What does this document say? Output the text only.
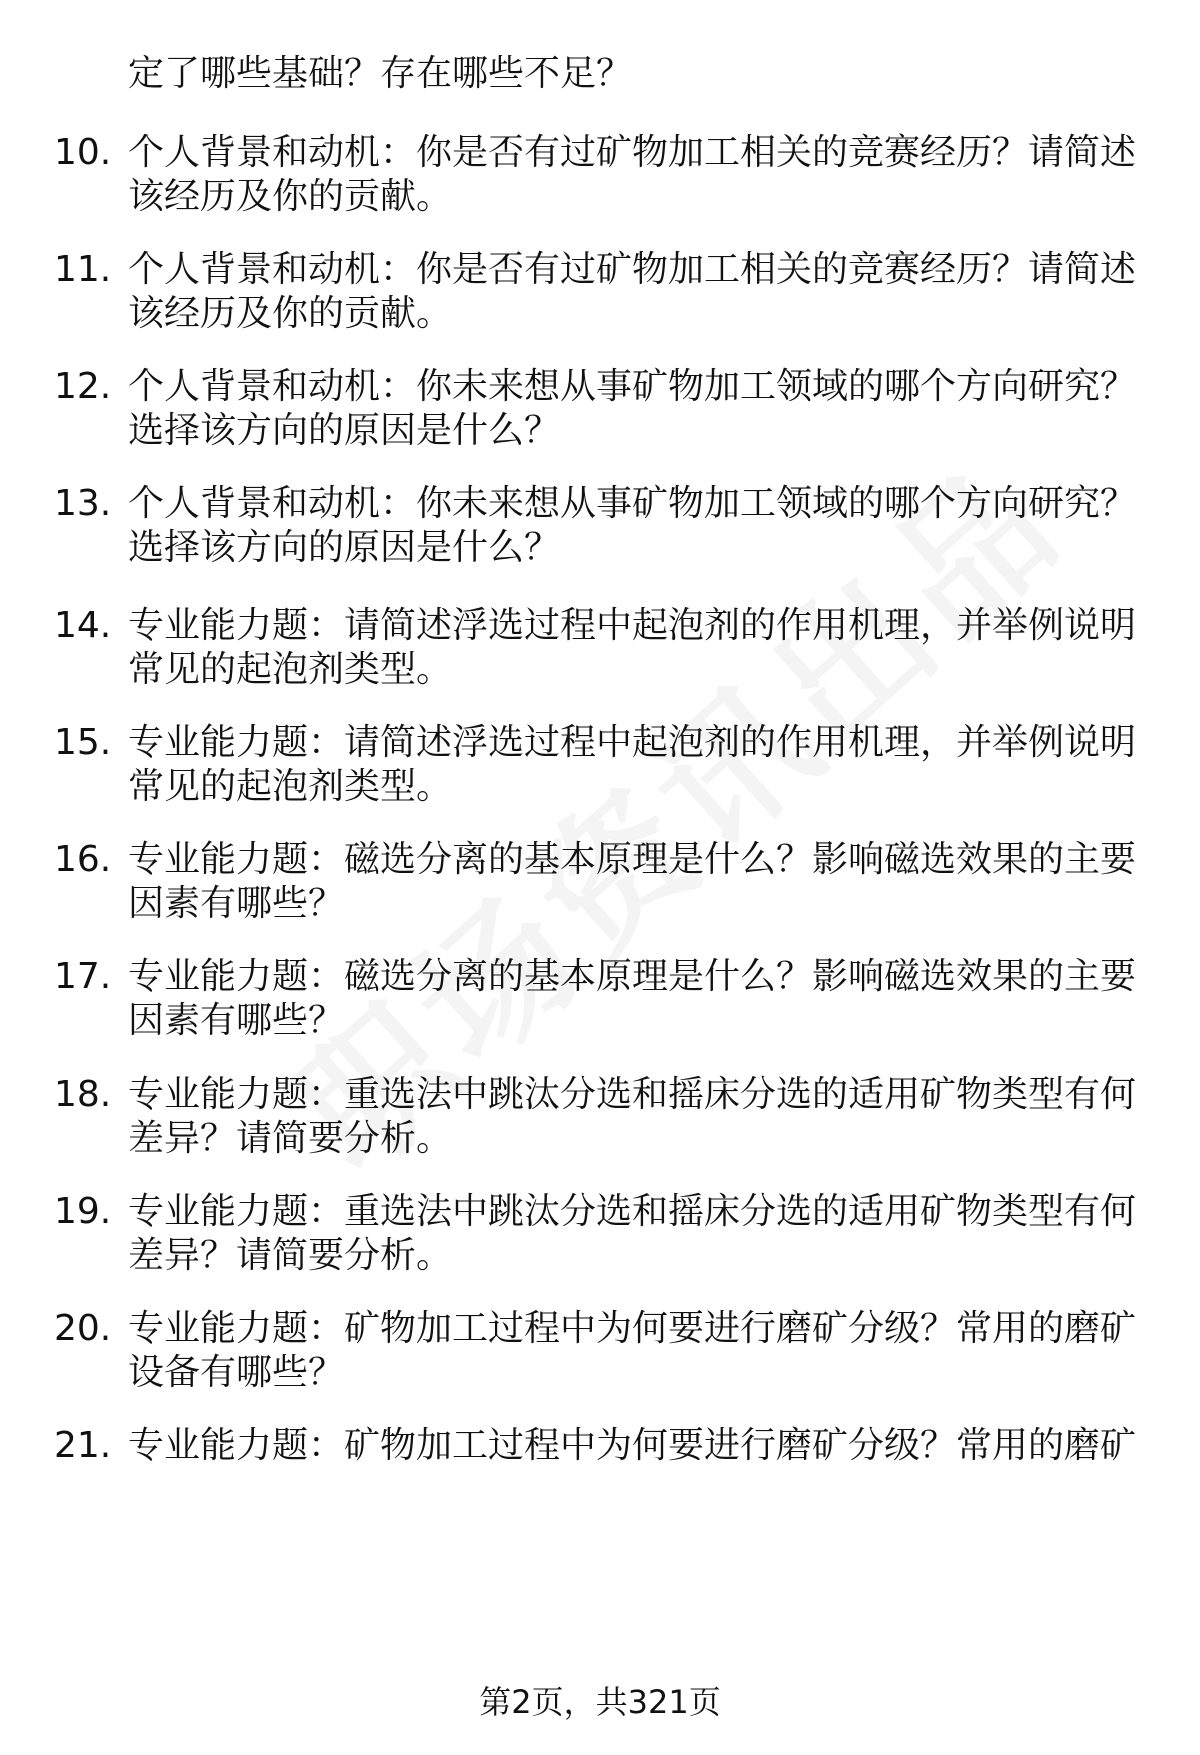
定了哪些基础？存在哪些不足？
10. 个人背景和动机：你是否有过矿物加工相关的竞赛经历？请简述
该经历及你的贡献。
11. 个人背景和动机：你是否有过矿物加工相关的竞赛经历？请简述
该经历及你的贡献。
12. 个人背景和动机：你未来想从事矿物加工领域的哪个方向研究？
选择该方向的原因是什么？
13. 个人背景和动机：你未来想从事矿物加工领域的哪个方向研究？
选择该方向的原因是什么？
14. 专业能力题：请简述浮选过程中起泡剂的作用机理，并举例说明
常见的起泡剂类型。
15. 专业能力题：请简述浮选过程中起泡剂的作用机理，并举例说明
常见的起泡剂类型。
16. 专业能力题：磁选分离的基本原理是什么？影响磁选效果的主要
因素有哪些？
17. 专业能力题：磁选分离的基本原理是什么？影响磁选效果的主要
因素有哪些？
18. 专业能力题：重选法中跳汰分选和摇床分选的适用矿物类型有何
差异？请简要分析。
19. 专业能力题：重选法中跳汰分选和摇床分选的适用矿物类型有何
差异？请简要分析。
20. 专业能力题：矿物加工过程中为何要进行磨矿分级？常用的磨矿
设备有哪些？
21. 专业能力题：矿物加工过程中为何要进行磨矿分级？常用的磨矿
第2页，共321页
